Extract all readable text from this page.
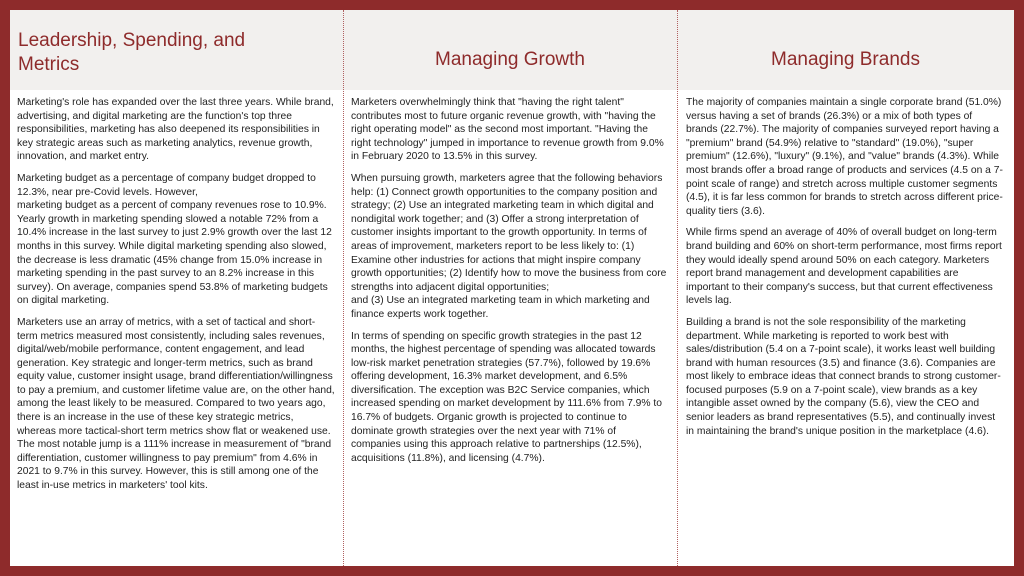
Leadership, Spending, and
Metrics

Marketing's role has expanded over the last three years. While brand, advertising, and digital marketing are the function's top three responsibilities, marketing has also deepened its responsibilities in key strategic areas such as marketing analytics, revenue growth, innovation, and market entry.

Marketing budget as a percentage of company budget dropped to 12.3%, near pre-Covid levels. However,
marketing budget as a percent of company revenues rose to 10.9%. Yearly growth in marketing spending slowed a notable 72% from a 10.4% increase in the last survey to just 2.9% growth over the last 12 months in this survey. While digital marketing spending also slowed, the decrease is less dramatic (45% change from 15.0% increase in marketing spending in the past survey to an 8.2% increase in this survey). On average, companies spend 53.8% of marketing budgets on digital marketing.

Marketers use an array of metrics, with a set of tactical and short-term metrics measured most consistently, including sales revenues, digital/web/mobile performance, content engagement, and lead generation. Key strategic and longer-term metrics, such as brand equity value, customer insight usage, brand differentiation/willingness to pay a premium, and customer lifetime value are, on the other hand, among the least likely to be measured. Compared to two years ago, there is an increase in the use of these key strategic metrics, whereas more tactical-short term metrics show flat or weakened use. The most notable jump is a 111% increase in measurement of "brand differentiation, customer willingness to pay premium" from 4.6% in 2021 to 9.7% in this survey. However, this is still among one of the least in-use metrics in marketers' tool kits.

Managing Growth

Marketers overwhelmingly think that "having the right talent" contributes most to future organic revenue growth, with "having the right operating model" as the second most important. "Having the right technology" jumped in importance to revenue growth from 9.0% in February 2020 to 13.5% in this survey.

When pursuing growth, marketers agree that the following behaviors help: (1) Connect growth opportunities to the company position and strategy; (2) Use an integrated marketing team in which digital and nondigital work together; and (3) Offer a strong interpretation of customer insights important to the growth opportunity. In terms of areas of improvement, marketers report to be less likely to: (1) Examine other industries for actions that might inspire company growth opportunities; (2) Identify how to move the business from core strengths into adjacent digital opportunities;
and (3) Use an integrated marketing team in which marketing and finance experts work together.

In terms of spending on specific growth strategies in the past 12 months, the highest percentage of spending was allocated towards low-risk market penetration strategies (57.7%), followed by 19.6% offering development, 16.3% market development, and 6.5% diversification. The exception was B2C Service companies, which increased spending on market development by 111.6% from 7.9% to 16.7% of budgets. Organic growth is projected to continue to dominate growth strategies over the next year with 71% of companies using this approach relative to partnerships (12.5%), acquisitions (11.8%), and licensing (4.7%).

Managing Brands

The majority of companies maintain a single corporate brand (51.0%) versus having a set of brands (26.3%) or a mix of both types of brands (22.7%). The majority of companies surveyed report having a "premium" brand (54.9%) relative to "standard" (19.0%), "super premium" (12.6%), "luxury" (9.1%), and "value" brands (4.3%). While most brands offer a broad range of products and services (4.5 on a 7-point scale of range) and stretch across multiple customer segments (4.5), it is far less common for brands to stretch across different price-quality tiers (3.6).

While firms spend an average of 40% of overall budget on long-term brand building and 60% on short-term performance, most firms report they would ideally spend around 50% on each category. Marketers report brand management and development capabilities are important to their company's success, but that current effectiveness levels lag.

Building a brand is not the sole responsibility of the marketing department. While marketing is reported to work best with sales/distribution (5.4 on a 7-point scale), it works least well building brand with human resources (3.5) and finance (3.6). Companies are most likely to embrace ideas that connect brands to strong customer-focused purposes (5.9 on a 7-point scale), view brands as a key intangible asset owned by the company (5.6), view the CEO and senior leaders as brand representatives (5.5), and continually invest in maintaining the brand's unique position in the marketplace (4.6).
